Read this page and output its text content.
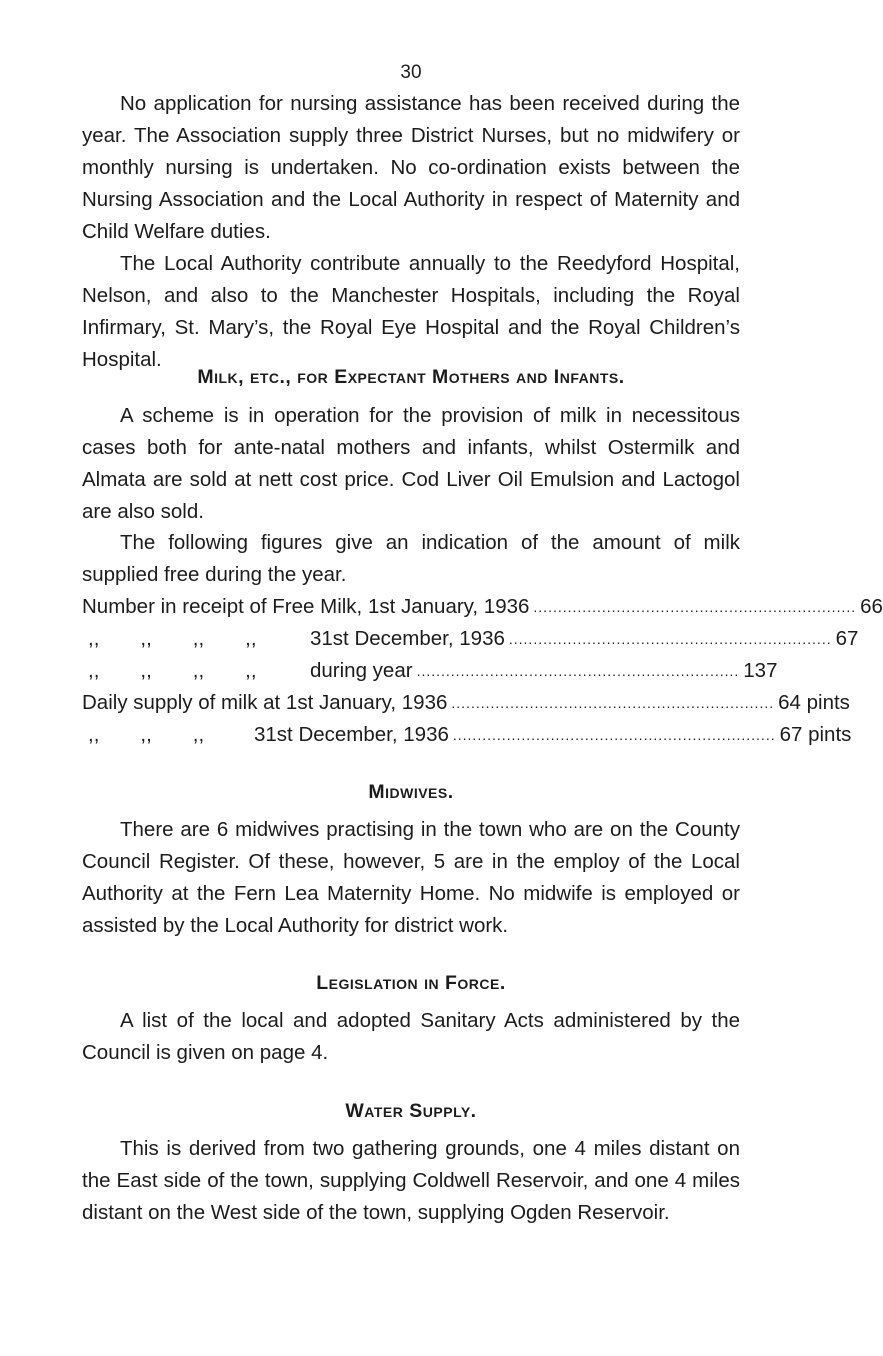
30

No application for nursing assistance has been received during the year. The Association supply three District Nurses, but no midwifery or monthly nursing is undertaken. No co-ordination exists between the Nursing Association and the Local Authority in respect of Maternity and Child Welfare duties.

The Local Authority contribute annually to the Reedyford Hospital, Nelson, and also to the Manchester Hospitals, including the Royal Infirmary, St. Mary’s, the Royal Eye Hospital and the Royal Children’s Hospital.

Milk, etc., for Expectant Mothers and Infants.

A scheme is in operation for the provision of milk in necessitous cases both for ante-natal mothers and infants, whilst Ostermilk and Almata are sold at nett cost price. Cod Liver Oil Emulsion and Lactogol are also sold.

The following figures give an indication of the amount of milk supplied free during the year.

Number in receipt of Free Milk, 1st January, 1936 .................................................................. 66
,,  ,,  ,,  ,,	31st December, 1936 .................................................................. 67
,,  ,,  ,,  ,,	during year .................................................................. 137
Daily supply of milk at 1st January, 1936 .................................................................. 64 pints
,,  ,,  ,, 31st December, 1936 .................................................................. 67 pints
Midwives.

There are 6 midwives practising in the town who are on the County Council Register. Of these, however, 5 are in the employ of the Local Authority at the Fern Lea Maternity Home. No midwife is employed or assisted by the Local Authority for district work.

Legislation in Force.

A list of the local and adopted Sanitary Acts administered by the Council is given on page 4.

Water Supply.

This is derived from two gathering grounds, one 4 miles distant on the East side of the town, supplying Coldwell Reservoir, and one 4 miles distant on the West side of the town, supplying Ogden Reservoir.
